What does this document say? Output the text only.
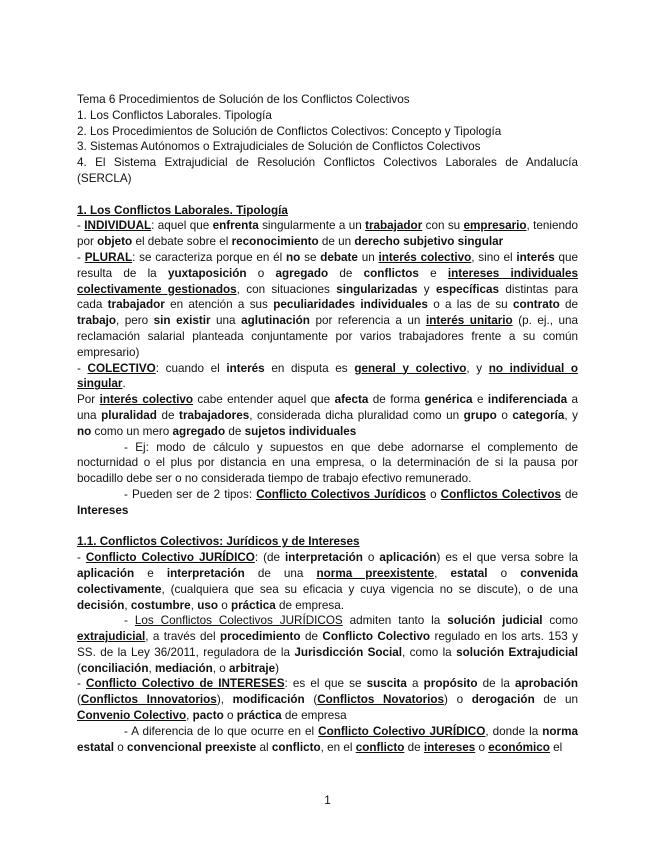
Tema 6 Procedimientos de Solución de los Conflictos Colectivos

1. Los Conflictos Laborales. Tipología

2. Los Procedimientos de Solución de Conflictos Colectivos: Concepto y Tipología

3. Sistemas Autónomos o Extrajudiciales de Solución de Conflictos Colectivos

4. El Sistema Extrajudicial de Resolución Conflictos Colectivos Laborales de Andalucía (SERCLA)

1. Los Conflictos Laborales. Tipología

- INDIVIDUAL: aquel que enfrenta singularmente a un trabajador con su empresario, teniendo por objeto el debate sobre el reconocimiento de un derecho subjetivo singular

- PLURAL: se caracteriza porque en él no se debate un interés colectivo, sino el interés que resulta de la yuxtaposición o agregado de conflictos e intereses individuales colectivamente gestionados, con situaciones singularizadas y específicas distintas para cada trabajador en atención a sus peculiaridades individuales o a las de su contrato de trabajo, pero sin existir una aglutinación por referencia a un interés unitario (p. ej., una reclamación salarial planteada conjuntamente por varios trabajadores frente a su común empresario)

- COLECTIVO: cuando el interés en disputa es general y colectivo, y no individual o singular.

Por interés colectivo cabe entender aquel que afecta de forma genérica e indiferenciada a una pluralidad de trabajadores, considerada dicha pluralidad como un grupo o categoría, y no como un mero agregado de sujetos individuales

- Ej: modo de cálculo y supuestos en que debe adornarse el complemento de nocturnidad o el plus por distancia en una empresa, o la determinación de si la pausa por bocadillo debe ser o no considerada tiempo de trabajo efectivo remunerado.

- Pueden ser de 2 tipos: Conflicto Colectivos Jurídicos o Conflictos Colectivos de Intereses

1.1. Conflictos Colectivos: Jurídicos y de Intereses

- Conflicto Colectivo JURÍDICO: (de interpretación o aplicación) es el que versa sobre la aplicación e interpretación de una norma preexistente, estatal o convenida colectivamente, (cualquiera que sea su eficacia y cuya vigencia no se discute), o de una decisión, costumbre, uso o práctica de empresa.

- Los Conflictos Colectivos JURÍDICOS admiten tanto la solución judicial como extrajudicial, a través del procedimiento de Conflicto Colectivo regulado en los arts. 153 y SS. de la Ley 36/2011, reguladora de la Jurisdicción Social, como la solución Extrajudicial (conciliación, mediación, o arbitraje)

- Conflicto Colectivo de INTERESES: es el que se suscita a propósito de la aprobación (Conflictos Innovatorios), modificación (Conflictos Novatorios) o derogación de un Convenio Colectivo, pacto o práctica de empresa

- A diferencia de lo que ocurre en el Conflicto Colectivo JURÍDICO, donde la norma estatal o convencional preexiste al conflicto, en el conflicto de intereses o económico el

1
